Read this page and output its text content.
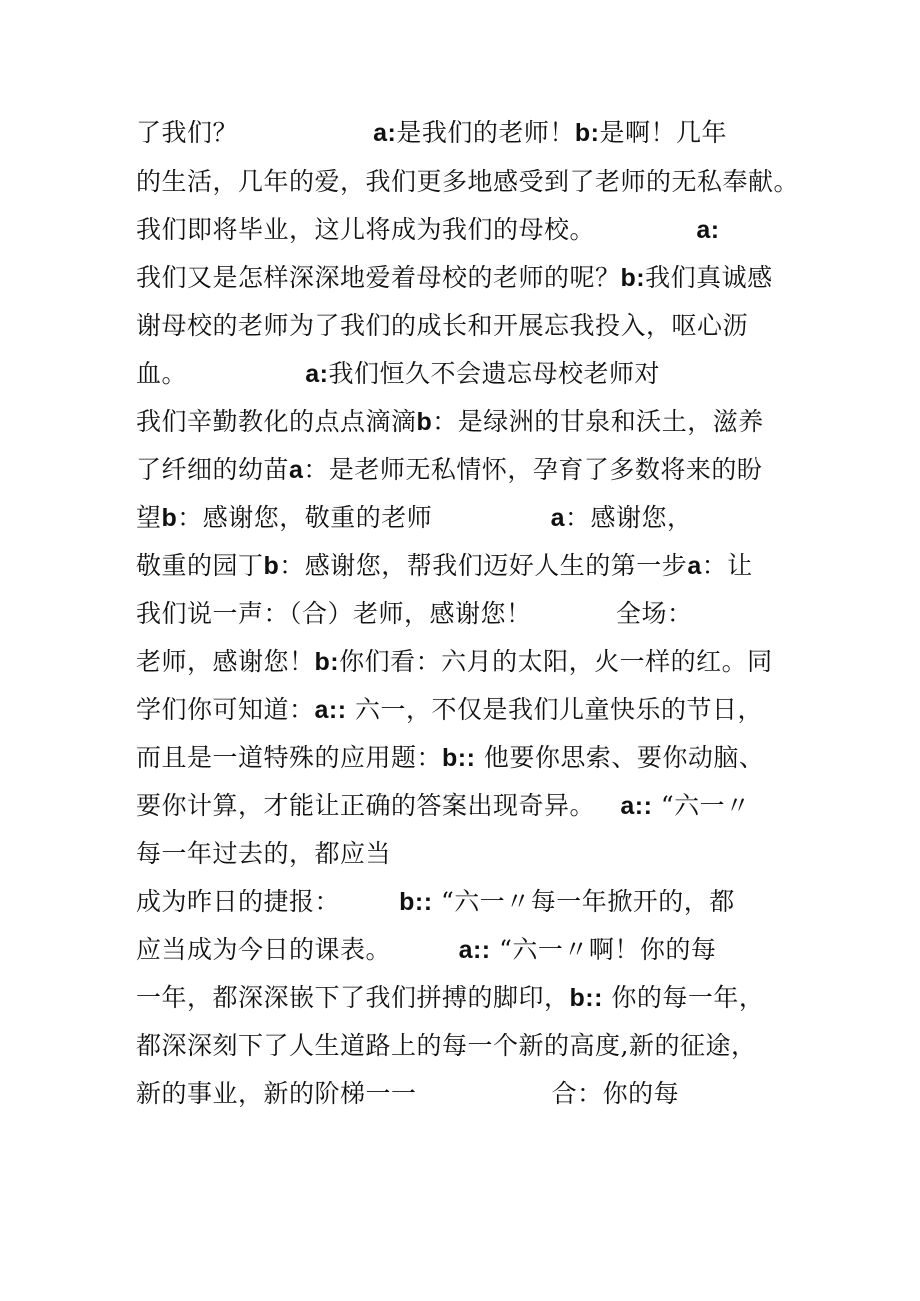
了我们？                a:是我们的老师！b:是啊！几年
的生活，几年的爱，我们更多地感受到了老师的无私奉献。
我们即将毕业，这儿将成为我们的母校。            a:
我们又是怎样深深地爱着母校的老师的呢？b:我们真诚感
谢母校的老师为了我们的成长和开展忘我投入，呕心沥
血。              a:我们恒久不会遗忘母校老师对
我们辛勤教化的点点滴滴b：是绿洲的甘泉和沃土，滋养
了纤细的幼苗a：是老师无私情怀，孕育了多数将来的盼
望b：感谢您，敬重的老师              a：感谢您，
敬重的园丁b：感谢您，帮我们迈好人生的第一步a：让
我们说一声：（合）老师，感谢您！          全场：
老师，感谢您！b:你们看：六月的太阳，火一样的红。同
学们你可知道：a:: 六一，不仅是我们儿童快乐的节日，
而且是一道特殊的应用题：b:: 他要你思索、要你动脑、
要你计算，才能让正确的答案出现奇异。   a:: “六一〃
每一年过去的，都应当
成为昨日的捷报：       b:: “六一〃每一年掀开的，都
应当成为今日的课表。        a:: “六一〃啊！你的每
一年，都深深嵌下了我们拼搏的脚印，b:: 你的每一年，
都深深刻下了人生道路上的每一个新的高度,新的征途，
新的事业，新的阶梯一一                合：你的每
